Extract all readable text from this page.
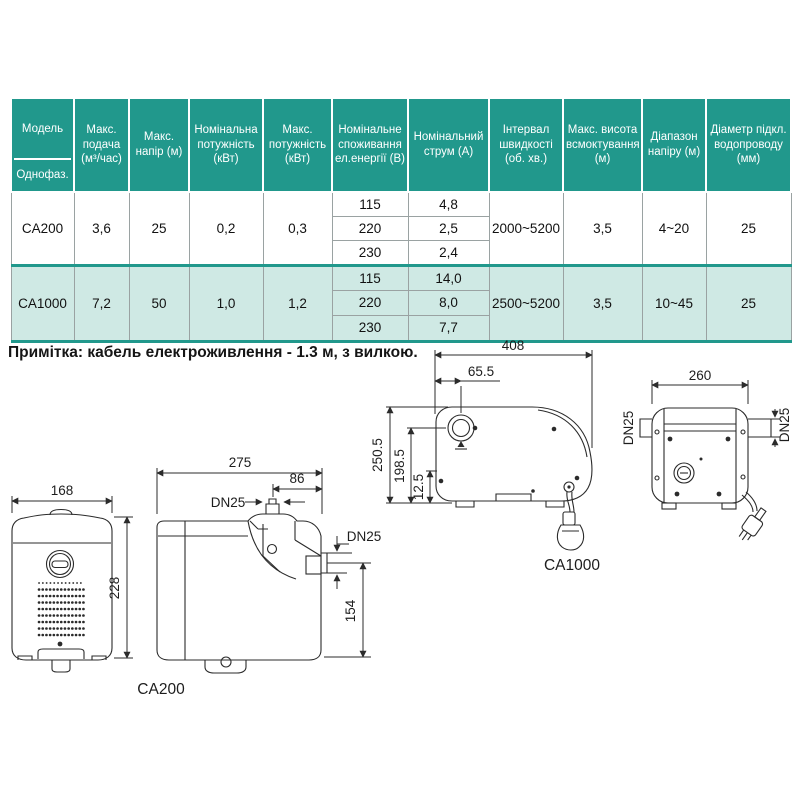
Модель
Однофаз.	Макс. подача (м³/час)	Макс. напір (м)	Номінальна потужність (кВт)	Макс. потужність (кВт)	Номінальне споживання ел.енергії (В)	Номінальний струм (А)	Інтервал швидкості (об. хв.)	Макс. висота всмоктування (м)	Діапазон напіру (м)	Діаметр підкл. водопроводу (мм)
CA200	3,6	25	0,2	0,3	115	4,8	2000~5200	3,5	4~20	25
					220	2,5				
					230	2,4				
CA1000	7,2	50	1,0	1,2	115	14,0	2500~5200	3,5	10~45	25
					220	8,0				
					230	7,7				
Примітка: кабель електроживлення - 1.3 м, з вилкою.	408
65.5
250.5 198.5
12.5
CA1000
260
DN25	DN25
168
228
CA200
275
86
DN25
DN25
154
